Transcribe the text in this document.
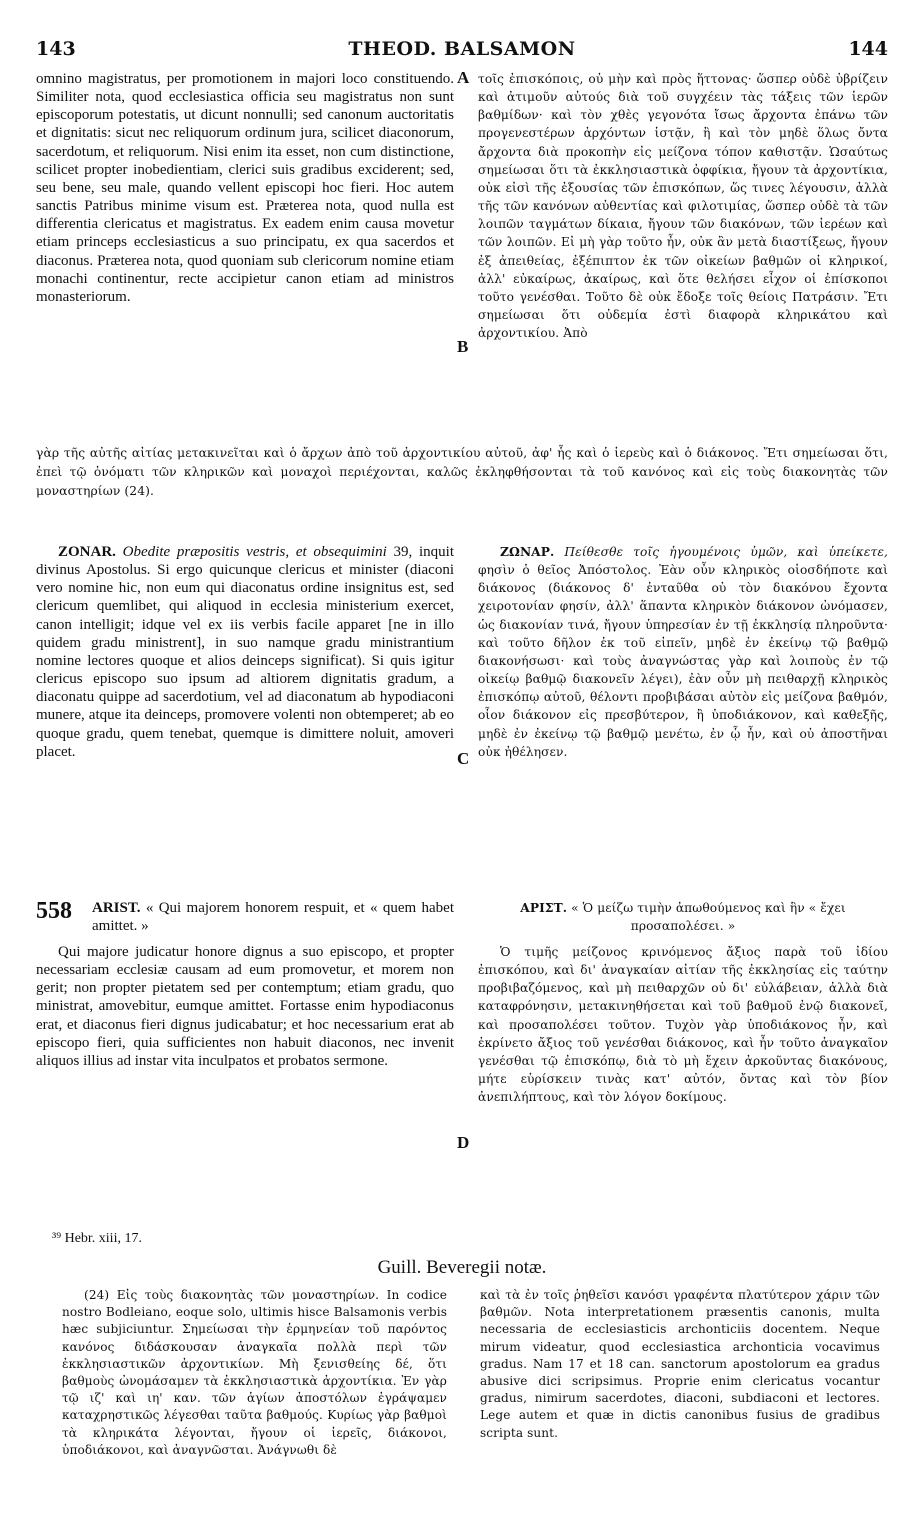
143	THEOD. BALSAMON	144

omnino magistratus, per promotionem in majori loco constituendo. Similiter nota, quod ecclesiastica officia seu magistratus non sunt episcoporum potestatis, ut dicunt nonnulli; sed canonum auctoritatis et dignitatis: sicut nec reliquorum ordinum jura, scilicet diaconorum, sacerdotum, et reliquorum. Nisi enim ita esset, non cum distinctione, scilicet propter inobedientiam, clerici suis gradibus exciderent; sed, seu bene, seu male, quando vellent episcopi hoc fieri. Hoc autem sanctis Patribus minime visum est. Præterea nota, quod nulla est differentia clericatus et magistratus. Ex eadem enim causa movetur etiam princeps ecclesiasticus a suo principatu, ex qua sacerdos et diaconus. Præterea nota, quod quoniam sub clericorum nomine etiam monachi continentur, recte accipietur canon etiam ad ministros monasteriorum.

τοῖς ἐπισκόποις, οὐ μὴν καὶ πρὸς ἥττονας· ὥσπερ οὐδὲ ὑβρίζειν καὶ ἀτιμοῦν αὐτούς διὰ τοῦ συγχέειν τὰς τάξεις τῶν ἱερῶν βαθμίδων· καὶ τὸν χθὲς γεγονότα ἴσως ἄρχοντα ἐπάνω τῶν προγενεστέρων ἀρχόντων ἱστᾷν, ἢ καὶ τὸν μηδὲ ὅλως ὄντα ἄρχοντα διὰ προκοπὴν εἰς μείζονα τόπον καθιστᾷν. Ὡσαύτως σημείωσαι ὅτι τὰ ἐκκλησιαστικὰ ὀφφίκια, ἤγουν τὰ ἀρχοντίκια, οὐκ εἰσὶ τῆς ἐξουσίας τῶν ἐπισκόπων, ὥς τινες λέγουσιν, ἀλλὰ τῆς τῶν κανόνων αὐθεντίας καὶ φιλοτιμίας, ὥσπερ οὐδὲ τὰ τῶν λοιπῶν ταγμάτων δίκαια, ἤγουν τῶν διακόνων, τῶν ἱερέων καὶ τῶν λοιπῶν. Εἰ μὴ γὰρ τοῦτο ἦν, οὐκ ἂν μετὰ διαστίξεως, ἤγουν ἐξ ἀπειθείας, ἐξέπιπτον ἐκ τῶν οἰκείων βαθμῶν οἱ κληρικοί, ἀλλ' εὐκαίρως, ἀκαίρως, καὶ ὅτε θελήσει εἶχον οἱ ἐπίσκοποι τοῦτο γενέσθαι. Τοῦτο δὲ οὐκ ἔδοξε τοῖς θείοις Πατράσιν. Ἔτι σημείωσαι ὅτι οὐδεμία ἐστὶ διαφορὰ κληρικάτου καὶ ἀρχοντικίου. Ἀπὸ

A
B

γὰρ τῆς αὐτῆς αἰτίας μετακινεῖται καὶ ὁ ἄρχων ἀπὸ τοῦ ἀρχοντικίου αὐτοῦ, ἀφ' ἧς καὶ ὁ ἱερεὺς καὶ ὁ διάκονος. Ἔτι σημείωσαι ὅτι, ἐπεὶ τῷ ὀνόματι τῶν κληρικῶν καὶ μοναχοὶ περιέχονται, καλῶς ἐκληφθήσονται τὰ τοῦ κανόνος καὶ εἰς τοὺς διακονητὰς τῶν μοναστηρίων (24).

ZONAR. Obedite præpositis vestris, et obsequimini 39, inquit divinus Apostolus. Si ergo quicunque clericus et minister (diaconi vero nomine hic, non eum qui diaconatus ordine insignitus est, sed clericum quemlibet, qui aliquod in ecclesia ministerium exercet, canon intelligit; idque vel ex iis verbis facile apparet [ne in illo quidem gradu ministrent], in suo namque gradu ministrantium nomine lectores quoque et alios deinceps significat). Si quis igitur clericus episcopo suo ipsum ad altiorem dignitatis gradum, a diaconatu quippe ad sacerdotium, vel ad diaconatum ab hypodiaconi munere, atque ita deinceps, promovere volenti non obtemperet; ab eo quoque gradu, quem tenebat, quemque is dimittere noluit, amoveri placet.

ΖΩΝΑΡ. Πείθεσθε τοῖς ἡγουμένοις ὑμῶν, καὶ ὑπείκετε, φησὶν ὁ θεῖος Ἀπόστολος. Ἐὰν οὖν κληρικὸς οἱοσδήποτε καὶ διάκονος (διάκονος δ' ἐνταῦθα οὐ τὸν διακόνου ἔχοντα χειροτονίαν φησίν, ἀλλ' ἅπαντα κληρικὸν διάκονον ὠνόμασεν, ὡς διακονίαν τινά, ἤγουν ὑπηρεσίαν ἐν τῇ ἐκκλησίᾳ πληροῦντα· καὶ τοῦτο δῆλον ἐκ τοῦ εἰπεῖν, μηδὲ ἐν ἐκείνῳ τῷ βαθμῷ διακονήσωσι· καὶ τοὺς ἀναγνώστας γὰρ καὶ λοιποὺς ἐν τῷ οἰκείῳ βαθμῷ διακονεῖν λέγει), ἐὰν οὖν μὴ πειθαρχῇ κληρικὸς ἐπισκόπῳ αὐτοῦ, θέλοντι προβιβάσαι αὐτὸν εἰς μείζονα βαθμόν, οἷον διάκονον εἰς πρεσβύτερον, ἢ ὑποδιάκονον, καὶ καθεξῆς, μηδὲ ἐν ἐκείνῳ τῷ βαθμῷ μενέτω, ἐν ᾧ ἦν, καὶ οὐ ἀποστῆναι οὐκ ἠθέλησεν.

C
558 ARIST. « Qui majorem honorem respuit, et « quem habet amittet. »

Qui majore judicatur honore dignus a suo episcopo, et propter necessariam ecclesiæ causam ad eum promovetur, et morem non gerit; non propter pietatem sed per contemptum; etiam gradu, quo ministrat, amovebitur, eumque amittet. Fortasse enim hypodiaconus erat, et diaconus fieri dignus judicabatur; et hoc necessarium erat ab episcopo fieri, quia sufficientes non habuit diaconos, nec invenit aliquos illius ad instar vita inculpatos et probatos sermone.

ΑΡΙΣΤ. « Ὁ μείζω τιμὴν ἀπωθούμενος καὶ ἣν « ἔχει προσαπολέσει. »

Ὁ τιμῆς μείζονος κρινόμενος ἄξιος παρὰ τοῦ ἰδίου ἐπισκόπου, καὶ δι' ἀναγκαίαν αἰτίαν τῆς ἐκκλησίας εἰς ταύτην προβιβαζόμενος, καὶ μὴ πειθαρχῶν οὐ δι' εὐλάβειαν, ἀλλὰ διὰ καταφρόνησιν, μετακινηθήσεται καὶ τοῦ βαθμοῦ ἐνῷ διακονεῖ, καὶ προσαπολέσει τοῦτον. Τυχὸν γὰρ ὑποδιάκονος ἦν, καὶ ἐκρίνετο ἄξιος τοῦ γενέσθαι διάκονος, καὶ ἦν τοῦτο ἀναγκαῖον γενέσθαι τῷ ἐπισκόπῳ, διὰ τὸ μὴ ἔχειν ἀρκοῦντας διακόνους, μήτε εὑρίσκειν τινὰς κατ' αὐτόν, ὄντας καὶ τὸν βίον ἀνεπιλήπτους, καὶ τὸν λόγον δοκίμους.

D
³⁹ Hebr. xiii, 17.
Guill. Beveregii notæ.

(24) Εἰς τοὺς διακονητὰς τῶν μοναστηρίων. In codice nostro Bodleiano, eoque solo, ultimis hisce Balsamonis verbis hæc subjiciuntur. Σημείωσαι τὴν ἑρμηνείαν τοῦ παρόντος κανόνος διδάσκουσαν ἀναγκαῖα πολλὰ περὶ τῶν ἐκκλησιαστικῶν ἀρχοντικίων. Μὴ ξενισθείης δέ, ὅτι βαθμοὺς ὠνομάσαμεν τὰ ἐκκλησιαστικὰ ἀρχοντίκια. Ἐν γὰρ τῷ ιζ' καὶ ιη' καν. τῶν ἁγίων ἀποστόλων ἐγράψαμεν καταχρηστικῶς λέγεσθαι ταῦτα βαθμούς. Κυρίως γὰρ βαθμοὶ τὰ κληρικάτα λέγονται, ἤγουν οἱ ἱερεῖς, διάκονοι, ὑποδιάκονοι, καὶ ἀναγνῶσται. Ἀνάγνωθι δὲ

καὶ τὰ ἐν τοῖς ῥηθεῖσι κανόσι γραφέντα πλατύτερον χάριν τῶν βαθμῶν. Nota interpretationem præsentis canonis, multa necessaria de ecclesiasticis archonticiis docentem. Neque mirum videatur, quod ecclesiastica archonticia vocavimus gradus. Nam 17 et 18 can. sanctorum apostolorum ea gradus abusive dici scripsimus. Proprie enim clericatus vocantur gradus, nimirum sacerdotes, diaconi, subdiaconi et lectores. Lege autem et quæ in dictis canonibus fusius de gradibus scripta sunt.
